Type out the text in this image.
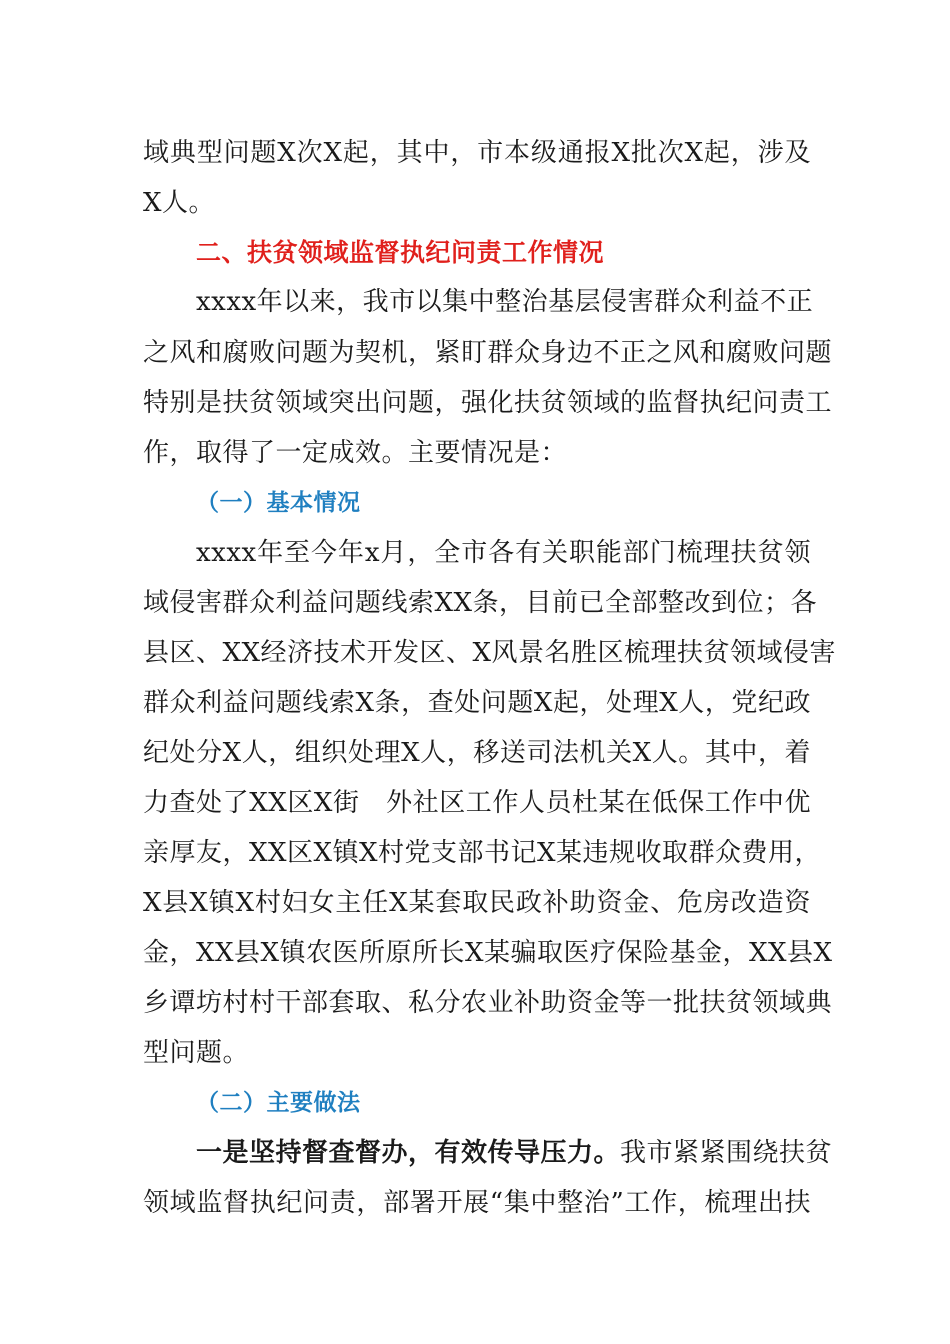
域典型问题X次X起，其中，市本级通报X批次X起，涉及
X人。
二、扶贫领域监督执纪问责工作情况
xxxx年以来，我市以集中整治基层侵害群众利益不正
之风和腐败问题为契机，紧盯群众身边不正之风和腐败问题
特别是扶贫领域突出问题，强化扶贫领域的监督执纪问责工
作，取得了一定成效。主要情况是：
（一）基本情况
xxxx年至今年x月，全市各有关职能部门梳理扶贫领
域侵害群众利益问题线索XX条，目前已全部整改到位；各
县区、XX经济技术开发区、X风景名胜区梳理扶贫领域侵害
群众利益问题线索X条，查处问题X起，处理X人，党纪政
纪处分X人，组织处理X人，移送司法机关X人。其中，着
力查处了XX区X街　外社区工作人员杜某在低保工作中优
亲厚友，XX区X镇X村党支部书记X某违规收取群众费用，
X县X镇X村妇女主任X某套取民政补助资金、危房改造资
金，XX县X镇农医所原所长X某骗取医疗保险基金，XX县X
乡谭坊村村干部套取、私分农业补助资金等一批扶贫领域典
型问题。
（二）主要做法
一是坚持督查督办，有效传导压力。我市紧紧围绕扶贫
领域监督执纪问责，部署开展“集中整治”工作，梳理出扶
